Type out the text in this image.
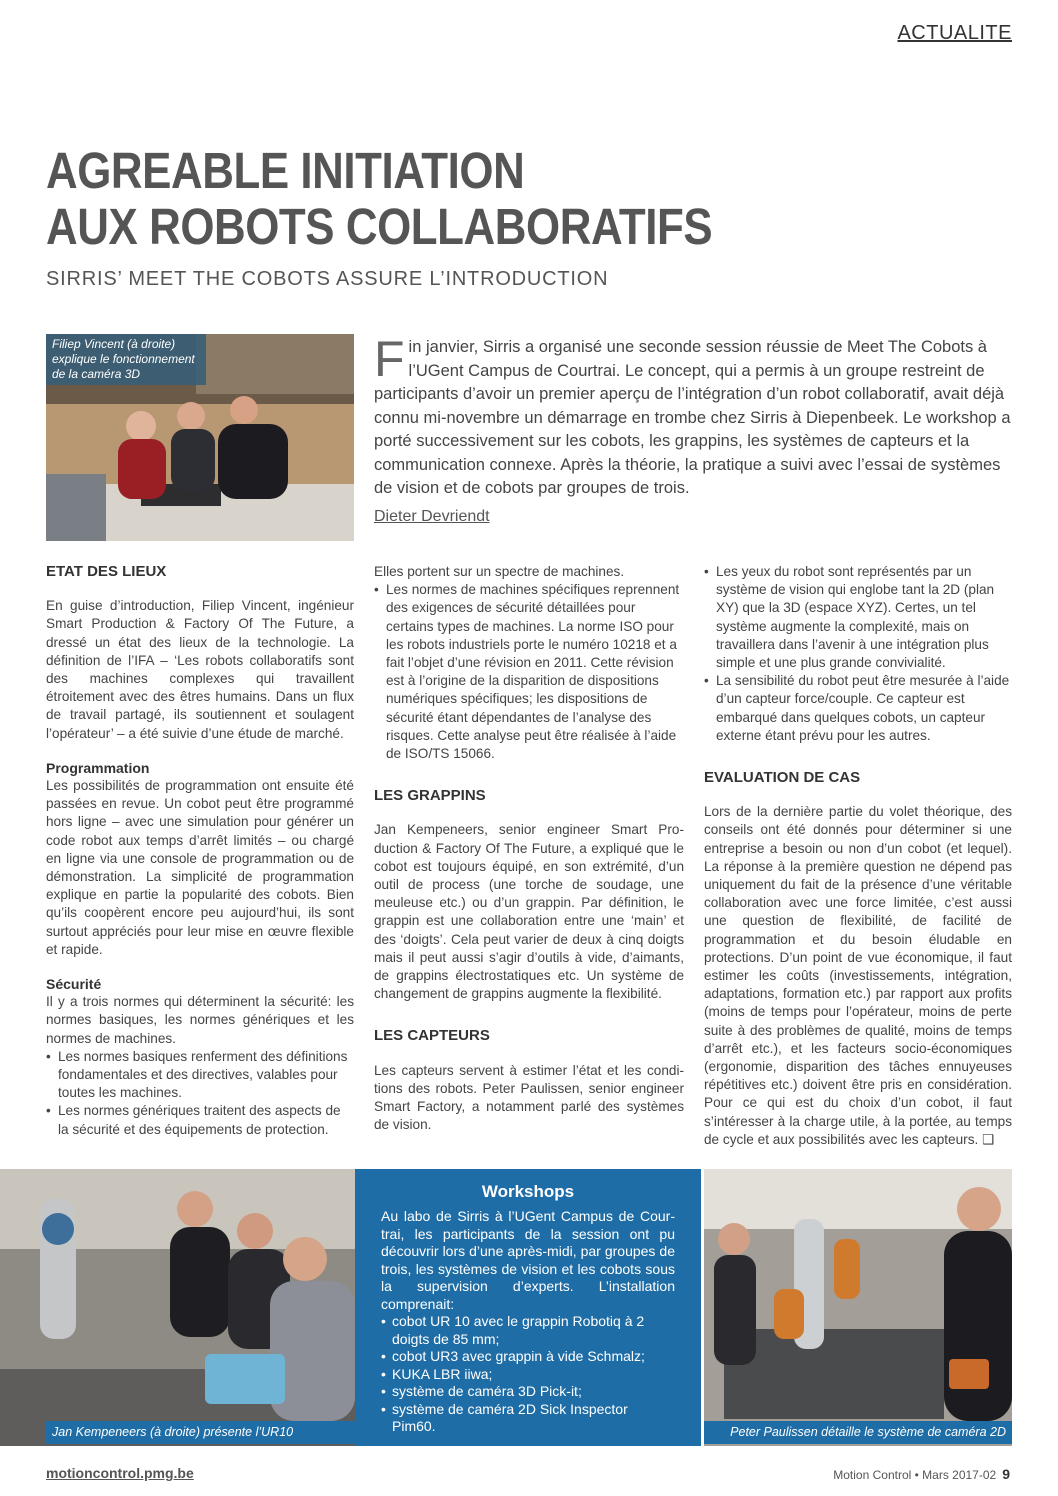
ACTUALITE
AGREABLE INITIATION
AUX ROBOTS COLLABORATIFS
SIRRIS’ MEET THE COBOTS ASSURE L’INTRODUCTION
Filiep Vincent (à droite) explique le fonctionnement de la caméra 3D	Fin janvier, Sirris a organisé une seconde session réussie de Meet The Cobots à l’UGent Campus de Courtrai. Le concept, qui a permis à un groupe restreint de participants d’avoir un premier aperçu de l’intégration d’un robot collaboratif, avait déjà connu mi-novembre un démarrage en trombe chez Sirris à Diepenbeek. Le workshop a porté successivement sur les cobots, les grappins, les systèmes de capteurs et la communication connexe. Après la théorie, la pratique a suivi avec l’essai de systèmes de vision et de cobots par groupes de trois.
Dieter Devriendt
ETAT DES LIEUX

En guise d’introduction, Filiep Vincent, ingénieur Smart Production & Factory Of The Future, a dressé un état des lieux de la technologie. La définition de l’IFA – ‘Les robots collaboratifs sont des machines complexes qui travaillent étroitement avec des êtres humains. Dans un flux de travail partagé, ils soutiennent et soulagent l’opérateur’ – a été suivie d’une étude de marché.

Programmation

Les possibilités de programmation ont ensuite été passées en revue. Un cobot peut être programmé hors ligne – avec une simulation pour générer un code robot aux temps d’arrêt limités – ou chargé en ligne via une console de programmation ou de démonstration. La simplicité de programmation explique en partie la popularité des cobots. Bien qu’ils coopèrent encore peu aujourd’hui, ils sont surtout appréciés pour leur mise en œuvre flexible et rapide.

Sécurité

Il y a trois normes qui déterminent la sécurité: les normes basiques, les normes génériques et les normes de machines.

• Les normes basiques renferment des définitions fondamentales et des directives, valables pour toutes les machines.
• Les normes génériques traitent des aspects de la sécurité et des équipements de protection.

Elles portent sur un spectre de machines.

• Les normes de machines spécifiques reprennent des exigences de sécurité détaillées pour certains types de machines. La norme ISO pour les robots industriels porte le numéro 10218 et a fait l’objet d’une révision en 2011. Cette révision est à l’origine de la disparition de dispositions numériques spécifiques; les dispositions de sécurité étant dépendantes de l’analyse des risques. Cette analyse peut être réalisée à l’aide de ISO/TS 15066.
LES GRAPPINS

Jan Kempeneers, senior engineer Smart Production & Factory Of The Future, a expliqué que le cobot est toujours équipé, en son extrémité, d’un outil de process (une torche de soudage, une meuleuse etc.) ou d’un grappin. Par définition, le grappin est une collaboration entre une ‘main’ et des ‘doigts’. Cela peut varier de deux à cinq doigts mais il peut aussi s’agir d’outils à vide, d’aimants, de grappins électrostatiques etc. Un système de changement de grappins augmente la flexibilité.

LES CAPTEURS

Les capteurs servent à estimer l’état et les conditions des robots. Peter Paulissen, senior engineer Smart Factory, a notamment parlé des systèmes de vision.

• Les yeux du robot sont représentés par un système de vision qui englobe tant la 2D (plan XY) que la 3D (espace XYZ). Certes, un tel système augmente la complexité, mais on travaillera dans l’avenir à une intégration plus simple et une plus grande convivialité.
• La sensibilité du robot peut être mesurée à l’aide d’un capteur force/couple. Ce capteur est embarqué dans quelques cobots, un capteur externe étant prévu pour les autres.
EVALUATION DE CAS

Lors de la dernière partie du volet théorique, des conseils ont été donnés pour déterminer si une entreprise a besoin ou non d’un cobot (et lequel). La réponse à la première question ne dépend pas uniquement du fait de la présence d’une véritable collaboration avec une force limitée, c’est aussi une question de flexibilité, de facilité de programmation et du besoin éludable en protections. D’un point de vue économique, il faut estimer les coûts (investissements, intégration, adaptations, formation etc.) par rapport aux profits (moins de temps pour l’opérateur, moins de perte suite à des problèmes de qualité, moins de temps d’arrêt etc.), et les facteurs socio-économiques (ergonomie, disparition des tâches ennuyeuses répétitives etc.) doivent être pris en considération. Pour ce qui est du choix d’un cobot, il faut s’intéresser à la charge utile, à la portée, au temps de cycle et aux possibilités avec les capteurs. ❑

Jan Kempeneers (à droite) présente l’UR10
Workshops

Au labo de Sirris à l’UGent Campus de Courtrai, les participants de la session ont pu découvrir lors d’une après-midi, par groupes de trois, les systèmes de vision et les cobots sous la supervision d’experts. L’installation comprenait:

• cobot UR 10 avec le grappin Robotiq à 2 doigts de 85 mm;
• cobot UR3 avec grappin à vide Schmalz;
• KUKA LBR iiwa;
• système de caméra 3D Pick-it;
• système de caméra 2D Sick Inspector Pim60.	Peter Paulissen détaille le système de caméra 2D
motioncontrol.pmg.be	Motion Control • Mars 2017-02 9
